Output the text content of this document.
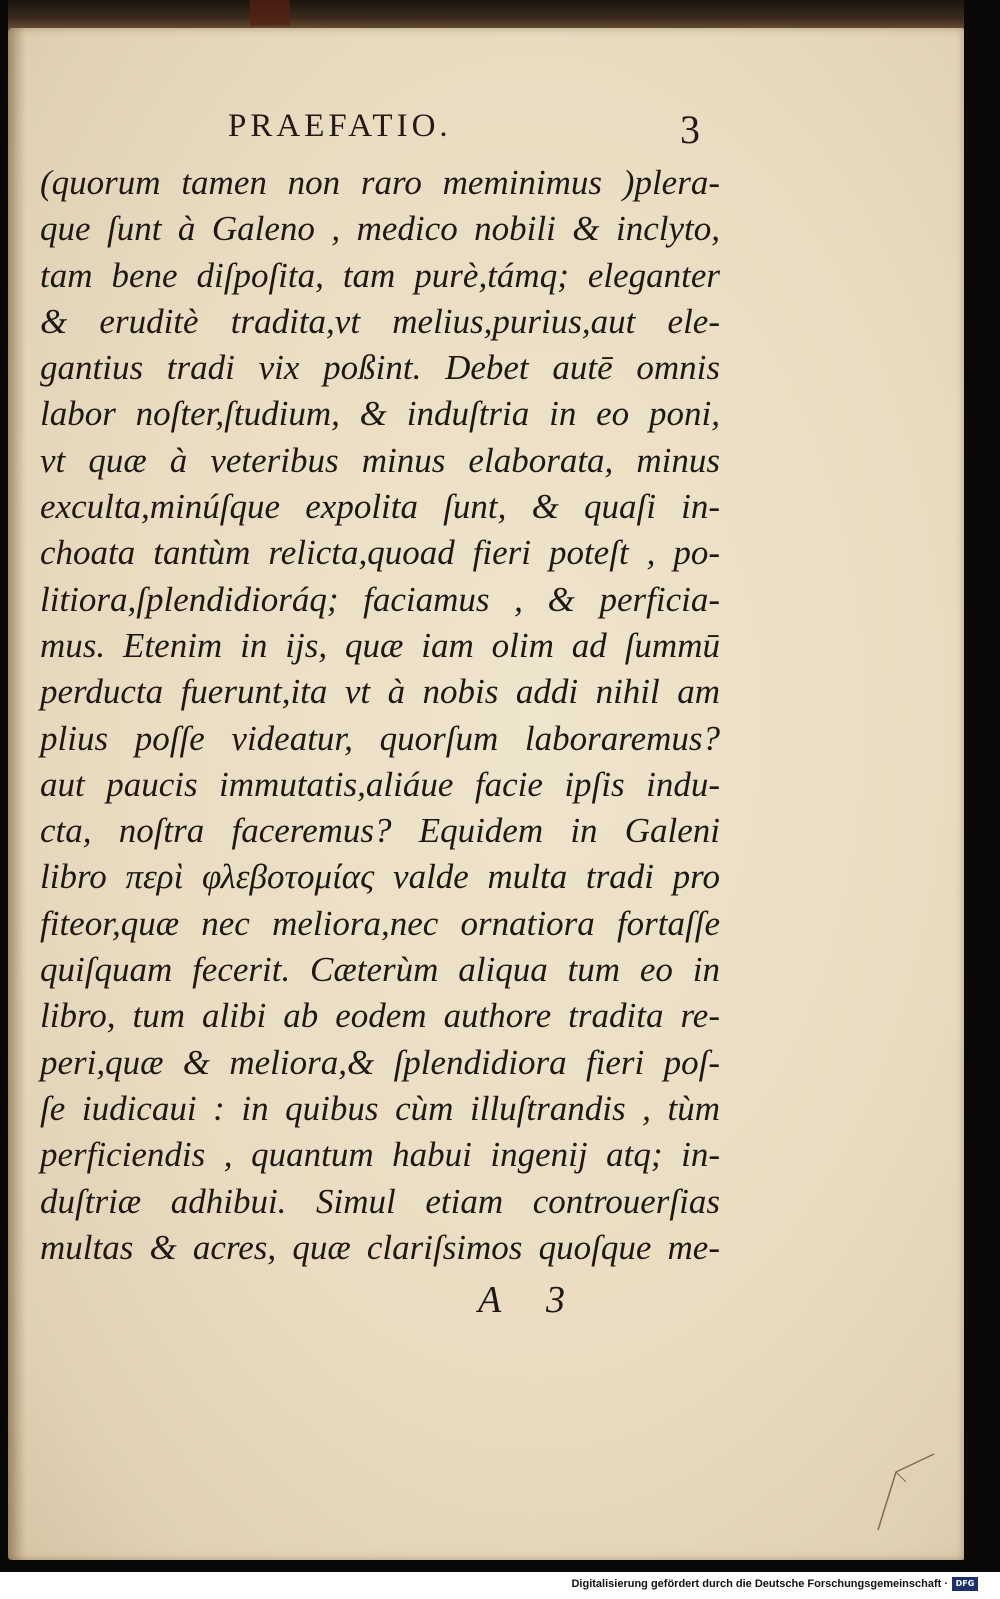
PRAEFATIO.	3
(quorum tamen non raro meminimus )plera-
que ſunt à Galeno , medico nobili & inclyto,
tam bene diſpoſita, tam purè,támq; eleganter
& eruditè tradita,vt melius,purius,aut ele-
gantius tradi vix poßint. Debet autē omnis
labor noſter,ſtudium, & induſtria in eo poni,
vt quæ à veteribus minus elaborata, minus
exculta,minúſque expolita ſunt, & quaſi in-
choata tantùm relicta,quoad fieri poteſt , po-
litiora,ſplendidioráq; faciamus , & perficia-
mus. Etenim in ijs, quæ iam olim ad ſummū
perducta fuerunt,ita vt à nobis addi nihil am
plius poſſe videatur, quorſum laboraremus?
aut paucis immutatis,aliáue facie ipſis indu-
cta, noſtra faceremus? Equidem in Galeni
libro περὶ φλεβοτομίας valde multa tradi pro
fiteor,quæ nec meliora,nec ornatiora fortaſſe
quiſquam fecerit. Cæterùm aliqua tum eo in
libro, tum alibi ab eodem authore tradita re-
peri,quæ & meliora,& ſplendidiora fieri poſ-
ſe iudicaui : in quibus cùm illuſtrandis , tùm
perficiendis , quantum habui ingenij atq; in-
duſtriæ adhibui. Simul etiam controuerſias
multas & acres, quæ clariſsimos quoſque me-
A 3
Digitalisierung gefördert durch die Deutsche Forschungsgemeinschaft · DFG
